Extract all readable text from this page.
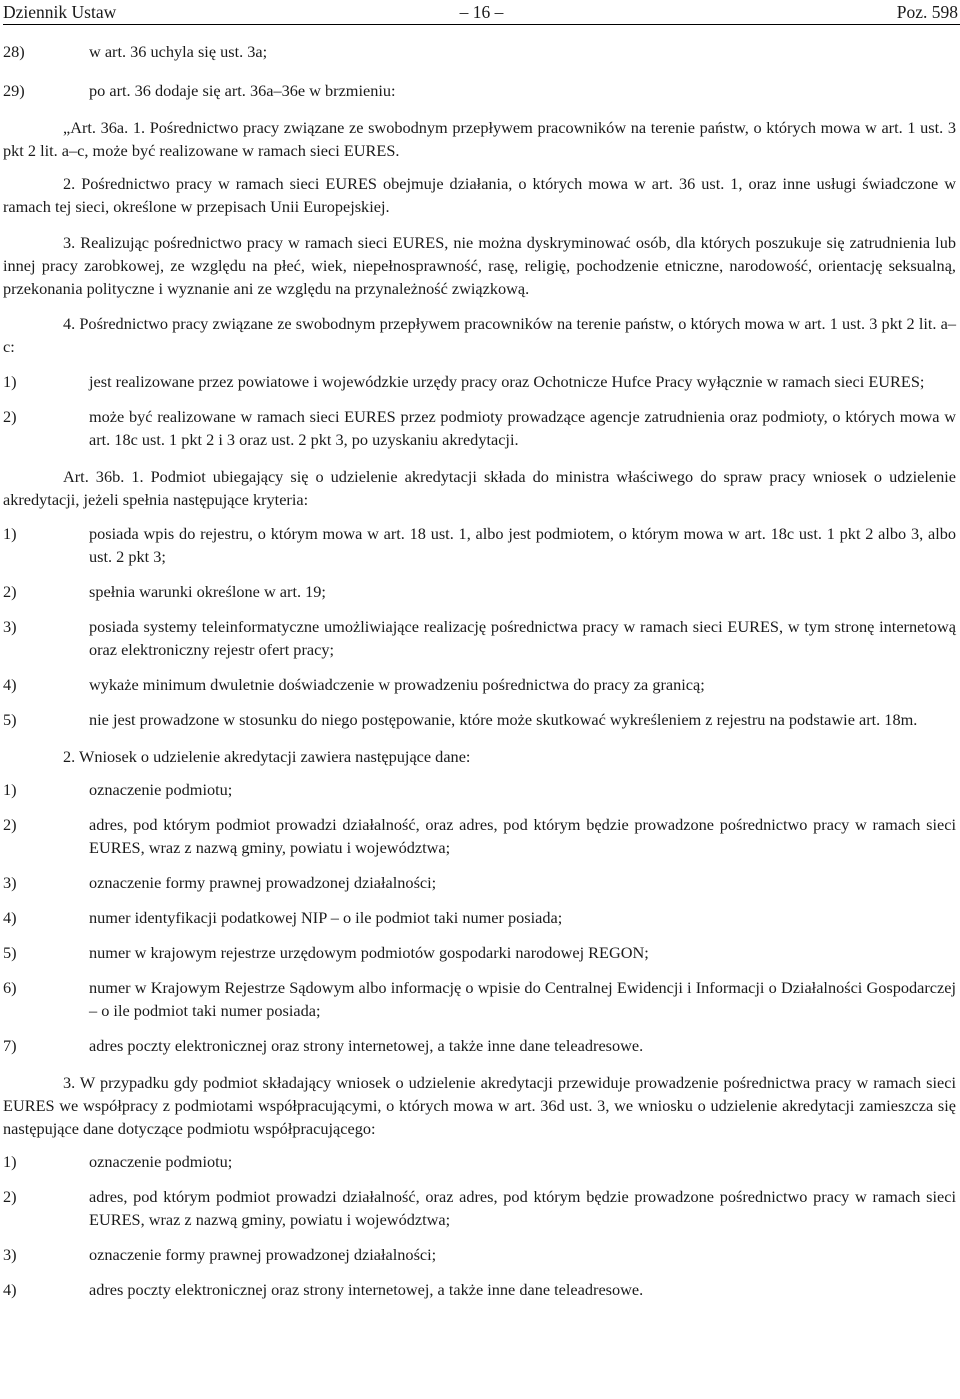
Dziennik Ustaw	– 16 –	Poz. 598
28)	w art. 36 uchyla się ust. 3a;
29)	po art. 36 dodaje się art. 36a–36e w brzmieniu:
„Art. 36a. 1. Pośrednictwo pracy związane ze swobodnym przepływem pracowników na terenie państw, o których mowa w art. 1 ust. 3 pkt 2 lit. a–c, może być realizowane w ramach sieci EURES.
2. Pośrednictwo pracy w ramach sieci EURES obejmuje działania, o których mowa w art. 36 ust. 1, oraz inne usługi świadczone w ramach tej sieci, określone w przepisach Unii Europejskiej.
3. Realizując pośrednictwo pracy w ramach sieci EURES, nie można dyskryminować osób, dla których poszukuje się zatrudnienia lub innej pracy zarobkowej, ze względu na płeć, wiek, niepełnosprawność, rasę, religię, pochodzenie etniczne, narodowość, orientację seksualną, przekonania polityczne i wyznanie ani ze względu na przynależność związkową.
4. Pośrednictwo pracy związane ze swobodnym przepływem pracowników na terenie państw, o których mowa w art. 1 ust. 3 pkt 2 lit. a–c:
1)	jest realizowane przez powiatowe i wojewódzkie urzędy pracy oraz Ochotnicze Hufce Pracy wyłącznie w ramach sieci EURES;
2)	może być realizowane w ramach sieci EURES przez podmioty prowadzące agencje zatrudnienia oraz podmioty, o których mowa w art. 18c ust. 1 pkt 2 i 3 oraz ust. 2 pkt 3, po uzyskaniu akredytacji.
Art. 36b. 1. Podmiot ubiegający się o udzielenie akredytacji składa do ministra właściwego do spraw pracy wniosek o udzielenie akredytacji, jeżeli spełnia następujące kryteria:
1)	posiada wpis do rejestru, o którym mowa w art. 18 ust. 1, albo jest podmiotem, o którym mowa w art. 18c ust. 1 pkt 2 albo 3, albo ust. 2 pkt 3;
2)	spełnia warunki określone w art. 19;
3)	posiada systemy teleinformatyczne umożliwiające realizację pośrednictwa pracy w ramach sieci EURES, w tym stronę internetową oraz elektroniczny rejestr ofert pracy;
4)	wykaże minimum dwuletnie doświadczenie w prowadzeniu pośrednictwa do pracy za granicą;
5)	nie jest prowadzone w stosunku do niego postępowanie, które może skutkować wykreśleniem z rejestru na podstawie art. 18m.
2. Wniosek o udzielenie akredytacji zawiera następujące dane:
1)	oznaczenie podmiotu;
2)	adres, pod którym podmiot prowadzi działalność, oraz adres, pod którym będzie prowadzone pośrednictwo pracy w ramach sieci EURES, wraz z nazwą gminy, powiatu i województwa;
3)	oznaczenie formy prawnej prowadzonej działalności;
4)	numer identyfikacji podatkowej NIP – o ile podmiot taki numer posiada;
5)	numer w krajowym rejestrze urzędowym podmiotów gospodarki narodowej REGON;
6)	numer w Krajowym Rejestrze Sądowym albo informację o wpisie do Centralnej Ewidencji i Informacji o Działalności Gospodarczej – o ile podmiot taki numer posiada;
7)	adres poczty elektronicznej oraz strony internetowej, a także inne dane teleadresowe.
3. W przypadku gdy podmiot składający wniosek o udzielenie akredytacji przewiduje prowadzenie pośrednictwa pracy w ramach sieci EURES we współpracy z podmiotami współpracującymi, o których mowa w art. 36d ust. 3, we wniosku o udzielenie akredytacji zamieszcza się następujące dane dotyczące podmiotu współpracującego:
1)	oznaczenie podmiotu;
2)	adres, pod którym podmiot prowadzi działalność, oraz adres, pod którym będzie prowadzone pośrednictwo pracy w ramach sieci EURES, wraz z nazwą gminy, powiatu i województwa;
3)	oznaczenie formy prawnej prowadzonej działalności;
4)	adres poczty elektronicznej oraz strony internetowej, a także inne dane teleadresowe.
